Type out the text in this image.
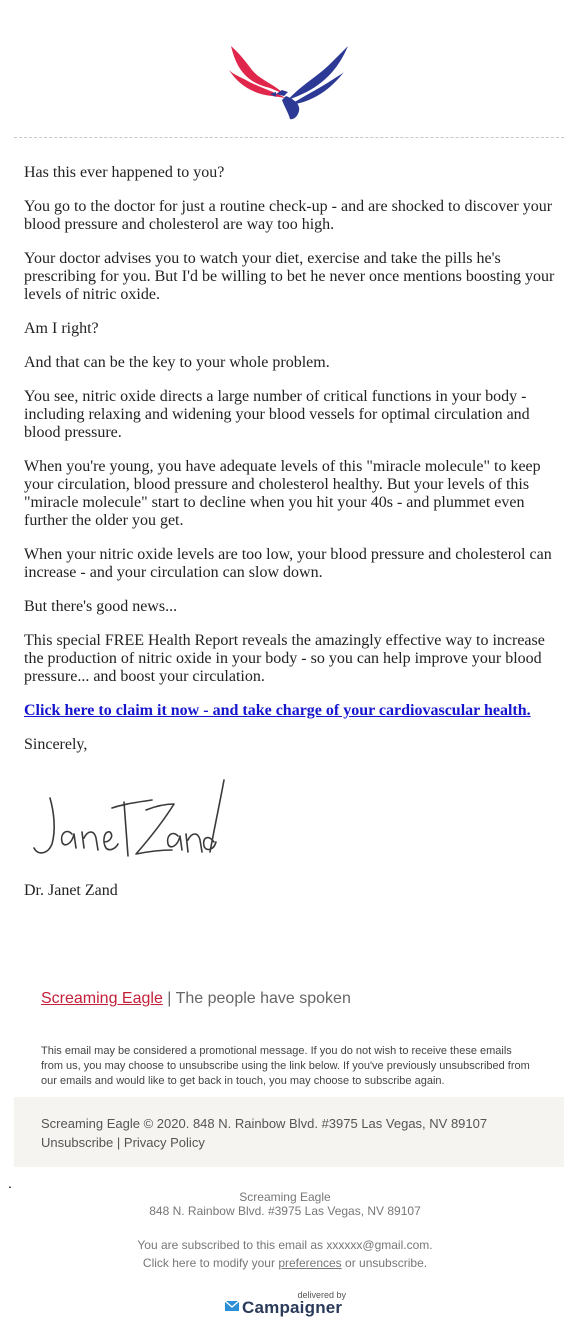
Has this ever happened to you?

You go to the doctor for just a routine check-up - and are shocked to discover your blood pressure and cholesterol are way too high.

Your doctor advises you to watch your diet, exercise and take the pills he's prescribing for you. But I'd be willing to bet he never once mentions boosting your levels of nitric oxide.

Am I right?

And that can be the key to your whole problem.

You see, nitric oxide directs a large number of critical functions in your body - including relaxing and widening your blood vessels for optimal circulation and blood pressure.

When you're young, you have adequate levels of this "miracle molecule" to keep your circulation, blood pressure and cholesterol healthy. But your levels of this "miracle molecule" start to decline when you hit your 40s - and plummet even further the older you get.

When your nitric oxide levels are too low, your blood pressure and cholesterol can increase - and your circulation can slow down.

But there's good news...

This special FREE Health Report reveals the amazingly effective way to increase the production of nitric oxide in your body - so you can help improve your blood pressure... and boost your circulation.

Click here to claim it now - and take charge of your cardiovascular health.

Sincerely,

Dr. Janet Zand
Screaming Eagle | The people have spoken
This email may be considered a promotional message. If you do not wish to receive these emails from us, you may choose to unsubscribe using the link below. If you've previously unsubscribed from our emails and would like to get back in touch, you may choose to subscribe again.
Screaming Eagle © 2020. 848 N. Rainbow Blvd. #3975 Las Vegas, NV 89107
Unsubscribe | Privacy Policy
.
Screaming Eagle
848 N. Rainbow Blvd. #3975 Las Vegas, NV 89107
You are subscribed to this email as xxxxxx@gmail.com.
Click here to modify your preferences or unsubscribe.
delivered by
Campaigner
